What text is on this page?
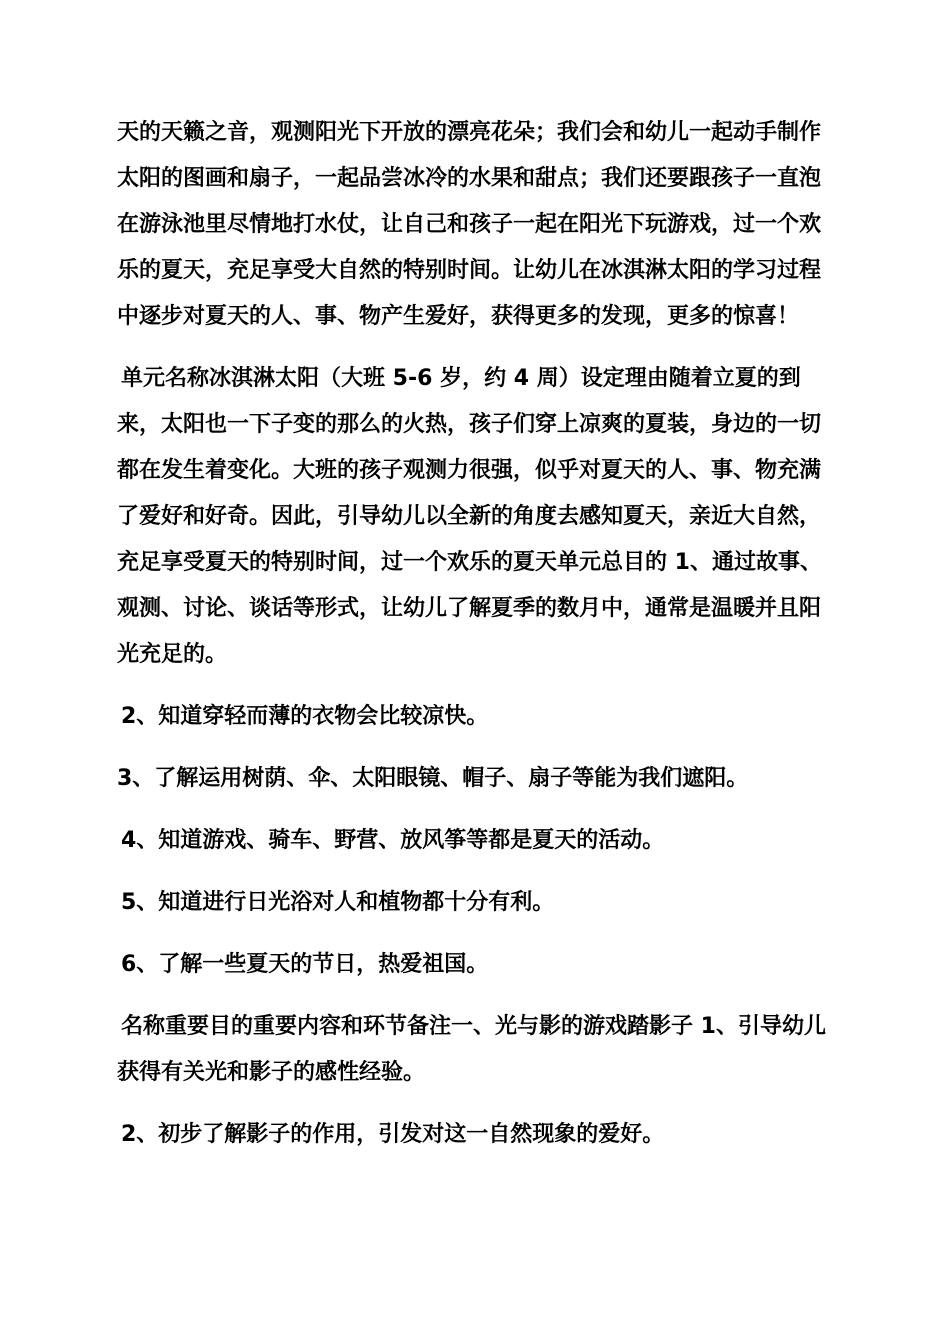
天的天籁之音，观测阳光下开放的漂亮花朵；我们会和幼儿一起动手制作太阳的图画和扇子，一起品尝冰冷的水果和甜点；我们还要跟孩子一直泡在游泳池里尽情地打水仗，让自己和孩子一起在阳光下玩游戏，过一个欢乐的夏天，充足享受大自然的特别时间。让幼儿在冰淇淋太阳的学习过程中逐步对夏天的人、事、物产生爱好，获得更多的发现，更多的惊喜！

单元名称冰淇淋太阳（大班 5-6 岁，约 4 周）设定理由随着立夏的到来，太阳也一下子变的那么的火热，孩子们穿上凉爽的夏装，身边的一切都在发生着变化。大班的孩子观测力很强，似乎对夏天的人、事、物充满了爱好和好奇。因此，引导幼儿以全新的角度去感知夏天，亲近大自然，充足享受夏天的特别时间，过一个欢乐的夏天单元总目的 1、通过故事、观测、讨论、谈话等形式，让幼儿了解夏季的数月中，通常是温暖并且阳光充足的。

2、知道穿轻而薄的衣物会比较凉快。

3、了解运用树荫、伞、太阳眼镜、帽子、扇子等能为我们遮阳。

4、知道游戏、骑车、野营、放风筝等都是夏天的活动。

5、知道进行日光浴对人和植物都十分有利。

6、了解一些夏天的节日，热爱祖国。

名称重要目的重要内容和环节备注一、光与影的游戏踏影子 1、引导幼儿获得有关光和影子的感性经验。

2、初步了解影子的作用，引发对这一自然现象的爱好。
